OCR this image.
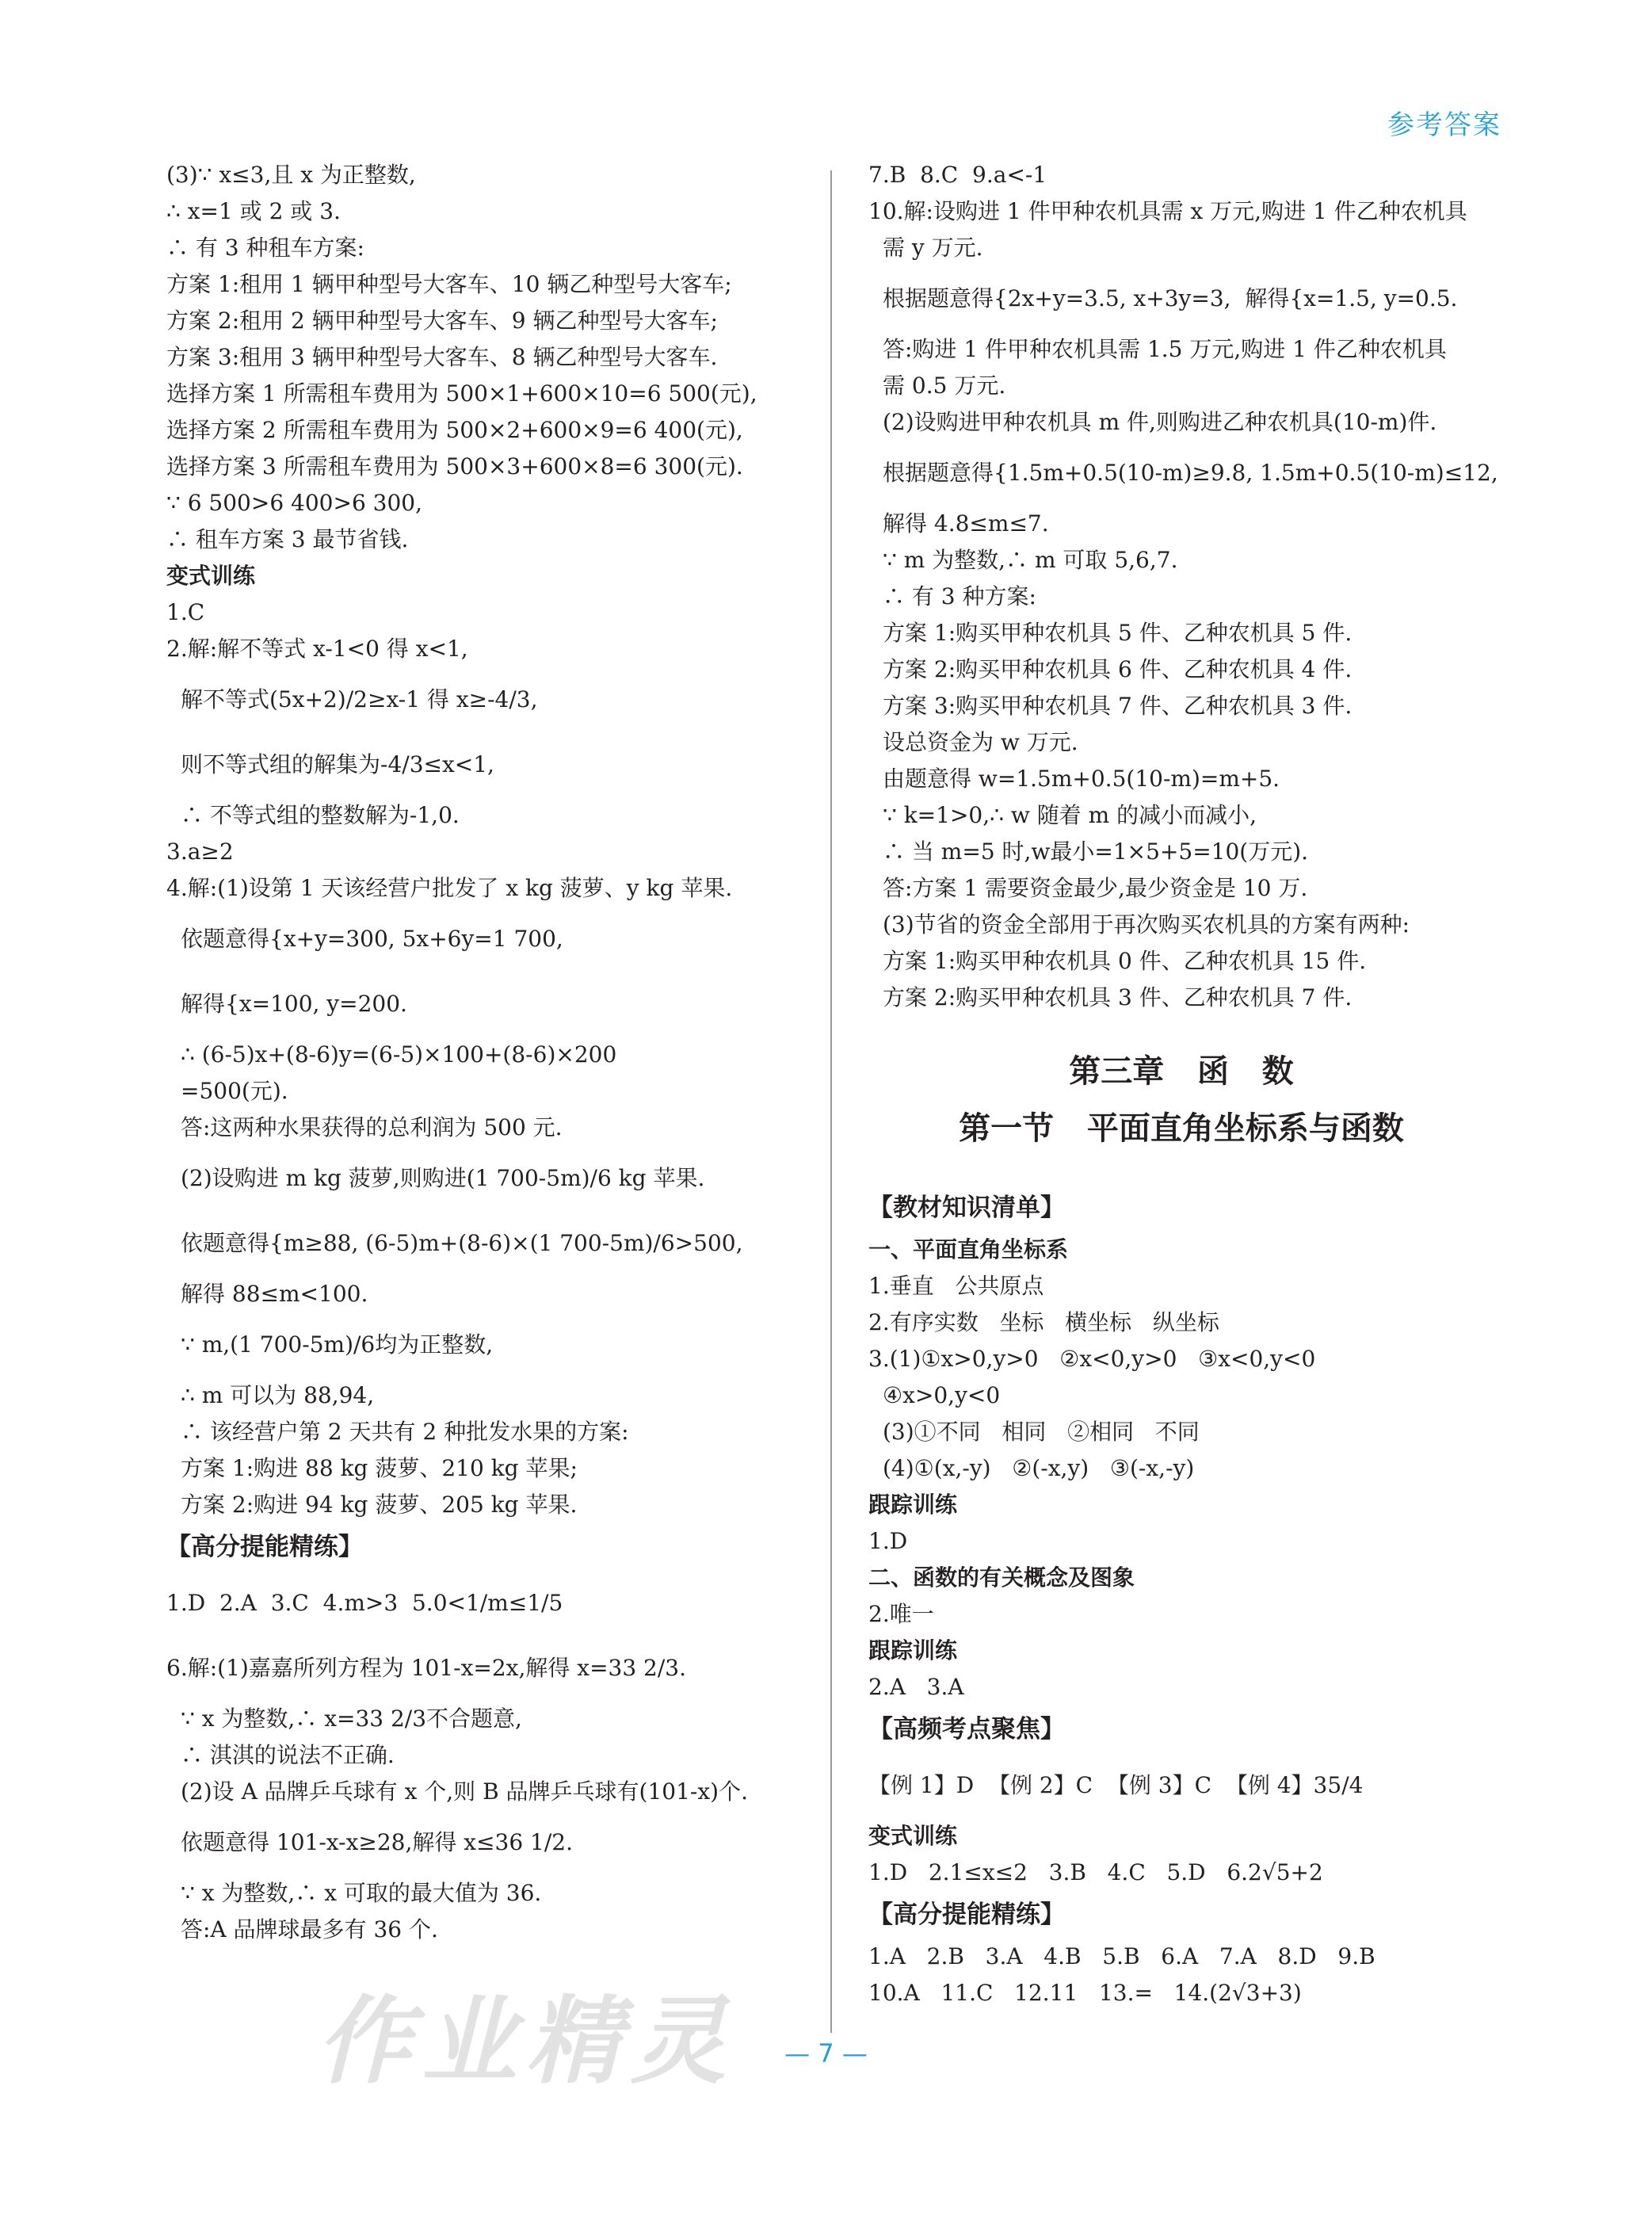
参考答案
(3)∵ x≤3,且 x 为正整数,
∴ x=1 或 2 或 3.
∴ 有 3 种租车方案:
方案 1:租用 1 辆甲种型号大客车、10 辆乙种型号大客车;
方案 2:租用 2 辆甲种型号大客车、9 辆乙种型号大客车;
方案 3:租用 3 辆甲种型号大客车、8 辆乙种型号大客车.
选择方案 1 所需租车费用为 500×1+600×10=6 500(元),
选择方案 2 所需租车费用为 500×2+600×9=6 400(元),
选择方案 3 所需租车费用为 500×3+600×8=6 300(元).
∵ 6 500>6 400>6 300,
∴ 租车方案 3 最节省钱.
变式训练
1.C
2.解:解不等式 x-1<0 得 x<1,
解不等式(5x+2)/2≥x-1 得 x≥-4/3,
则不等式组的解集为-4/3≤x<1,
∴ 不等式组的整数解为-1,0.
3.a≥2
4.解:(1)设第 1 天该经营户批发了 x kg 菠萝、y kg 苹果.
依题意得{x+y=300, 5x+6y=1 700,
解得{x=100, y=200.
∴ (6-5)x+(8-6)y=(6-5)×100+(8-6)×200
=500(元).
答:这两种水果获得的总利润为 500 元.
(2)设购进 m kg 菠萝,则购进(1 700-5m)/6 kg 苹果.
依题意得{m≥88, (6-5)m+(8-6)×(1 700-5m)/6>500,
解得 88≤m<100.
∵ m,(1 700-5m)/6均为正整数,
∴ m 可以为 88,94,
∴ 该经营户第 2 天共有 2 种批发水果的方案:
方案 1:购进 88 kg 菠萝、210 kg 苹果;
方案 2:购进 94 kg 菠萝、205 kg 苹果.
【高分提能精练】
1.D  2.A  3.C  4.m>3  5.0<1/m≤1/5
6.解:(1)嘉嘉所列方程为 101-x=2x,解得 x=33 2/3.
∵ x 为整数,∴ x=33 2/3不合题意,
∴ 淇淇的说法不正确.
(2)设 A 品牌乒乓球有 x 个,则 B 品牌乒乓球有(101-x)个.
依题意得 101-x-x≥28,解得 x≤36 1/2.
∵ x 为整数,∴ x 可取的最大值为 36.
答:A 品牌球最多有 36 个.
7.B  8.C  9.a<-1
10.解:设购进 1 件甲种农机具需 x 万元,购进 1 件乙种农机具
需 y 万元.
根据题意得{2x+y=3.5, x+3y=3,  解得{x=1.5, y=0.5.
答:购进 1 件甲种农机具需 1.5 万元,购进 1 件乙种农机具
需 0.5 万元.
(2)设购进甲种农机具 m 件,则购进乙种农机具(10-m)件.
根据题意得{1.5m+0.5(10-m)≥9.8, 1.5m+0.5(10-m)≤12,
解得 4.8≤m≤7.
∵ m 为整数,∴ m 可取 5,6,7.
∴ 有 3 种方案:
方案 1:购买甲种农机具 5 件、乙种农机具 5 件.
方案 2:购买甲种农机具 6 件、乙种农机具 4 件.
方案 3:购买甲种农机具 7 件、乙种农机具 3 件.
设总资金为 w 万元.
由题意得 w=1.5m+0.5(10-m)=m+5.
∵ k=1>0,∴ w 随着 m 的减小而减小,
∴ 当 m=5 时,w最小=1×5+5=10(万元).
答:方案 1 需要资金最少,最少资金是 10 万.
(3)节省的资金全部用于再次购买农机具的方案有两种:
方案 1:购买甲种农机具 0 件、乙种农机具 15 件.
方案 2:购买甲种农机具 3 件、乙种农机具 7 件.
第三章   函   数
第一节   平面直角坐标系与函数
【教材知识清单】
一、平面直角坐标系
1.垂直   公共原点
2.有序实数   坐标   横坐标   纵坐标
3.(1)①x>0,y>0   ②x<0,y>0   ③x<0,y<0
④x>0,y<0
(3)①不同   相同   ②相同   不同
(4)①(x,-y)   ②(-x,y)   ③(-x,-y)
跟踪训练
1.D
二、函数的有关概念及图象
2.唯一
跟踪训练
2.A   3.A
【高频考点聚焦】
【例 1】D  【例 2】C  【例 3】C  【例 4】35/4
变式训练
1.D   2.1≤x≤2   3.B   4.C   5.D   6.2√5+2
【高分提能精练】
1.A   2.B   3.A   4.B   5.B   6.A   7.A   8.D   9.B
10.A   11.C   12.11   13.=   14.(2√3+3)
作业精灵	— 7 —
